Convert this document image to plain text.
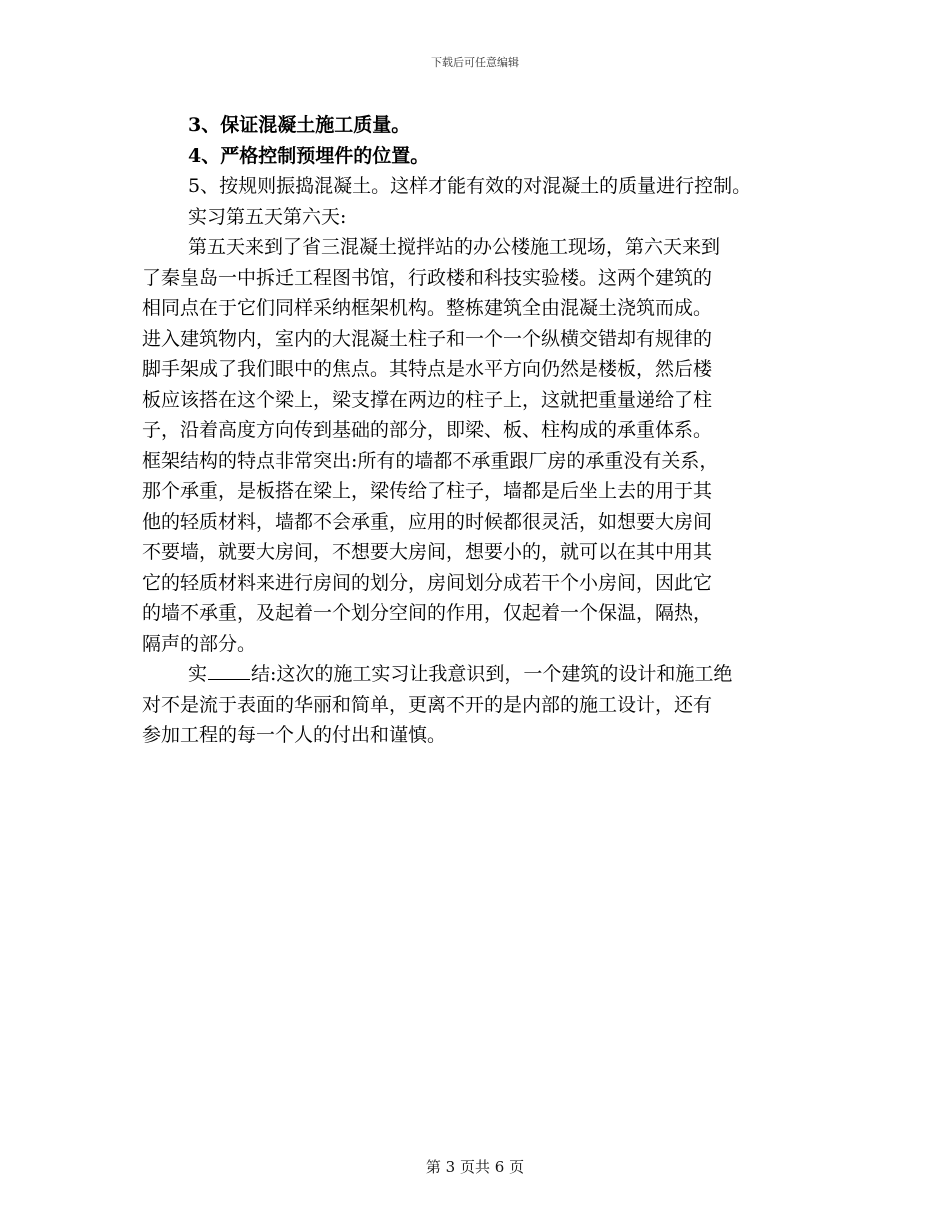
下载后可任意编辑
3、保证混凝土施工质量。
4、严格控制预埋件的位置。
5、按规则振捣混凝土。这样才能有效的对混凝土的质量进行控制。
实习第五天第六天:
第五天来到了省三混凝土搅拌站的办公楼施工现场，第六天来到
了秦皇岛一中拆迁工程图书馆，行政楼和科技实验楼。这两个建筑的
相同点在于它们同样采纳框架机构。整栋建筑全由混凝土浇筑而成。
进入建筑物内，室内的大混凝土柱子和一个一个纵横交错却有规律的
脚手架成了我们眼中的焦点。其特点是水平方向仍然是楼板，然后楼
板应该搭在这个梁上，梁支撑在两边的柱子上，这就把重量递给了柱
子，沿着高度方向传到基础的部分，即梁、板、柱构成的承重体系。
框架结构的特点非常突出:所有的墙都不承重跟厂房的承重没有关系，
那个承重，是板搭在梁上，梁传给了柱子，墙都是后坐上去的用于其
他的轻质材料，墙都不会承重，应用的时候都很灵活，如想要大房间
不要墙，就要大房间，不想要大房间，想要小的，就可以在其中用其
它的轻质材料来进行房间的划分，房间划分成若干个小房间，因此它
的墙不承重，及起着一个划分空间的作用，仅起着一个保温，隔热，
隔声的部分。
实 结:这次的施工实习让我意识到，一个建筑的设计和施工绝
对不是流于表面的华丽和简单，更离不开的是内部的施工设计，还有
参加工程的每一个人的付出和谨慎。
第 3 页共 6 页
